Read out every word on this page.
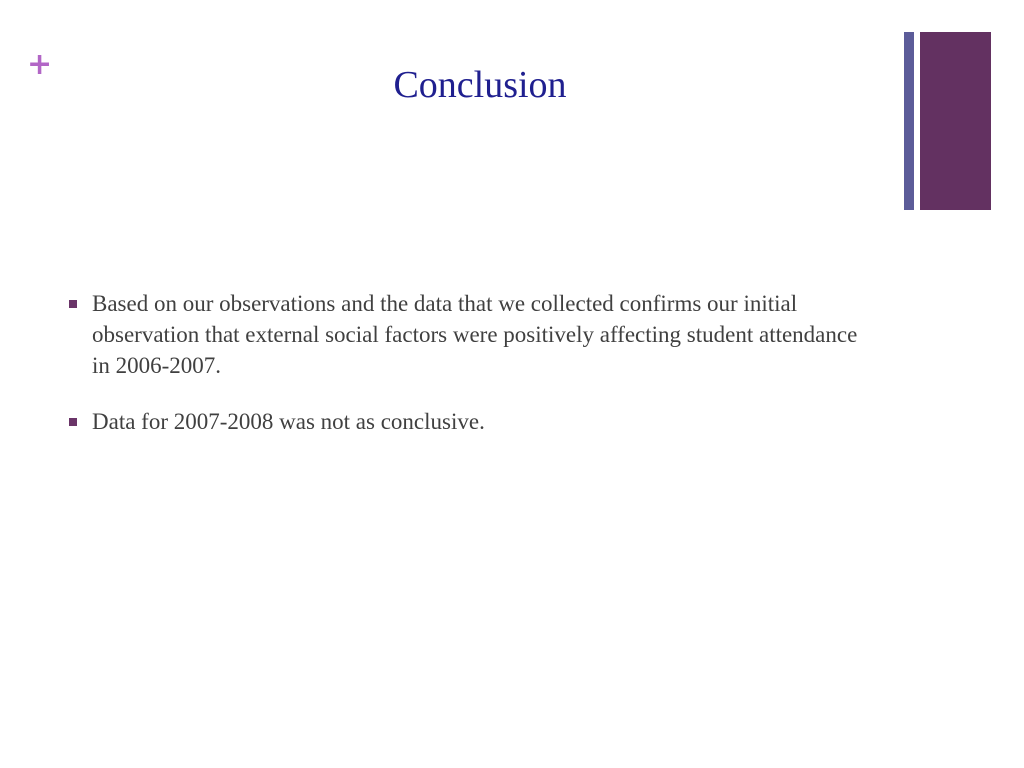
+	Conclusion
Based on our observations and the data that we collected confirms our initial observation that external social factors were positively affecting student attendance in 2006-2007.
Data for 2007-2008 was not as conclusive.
